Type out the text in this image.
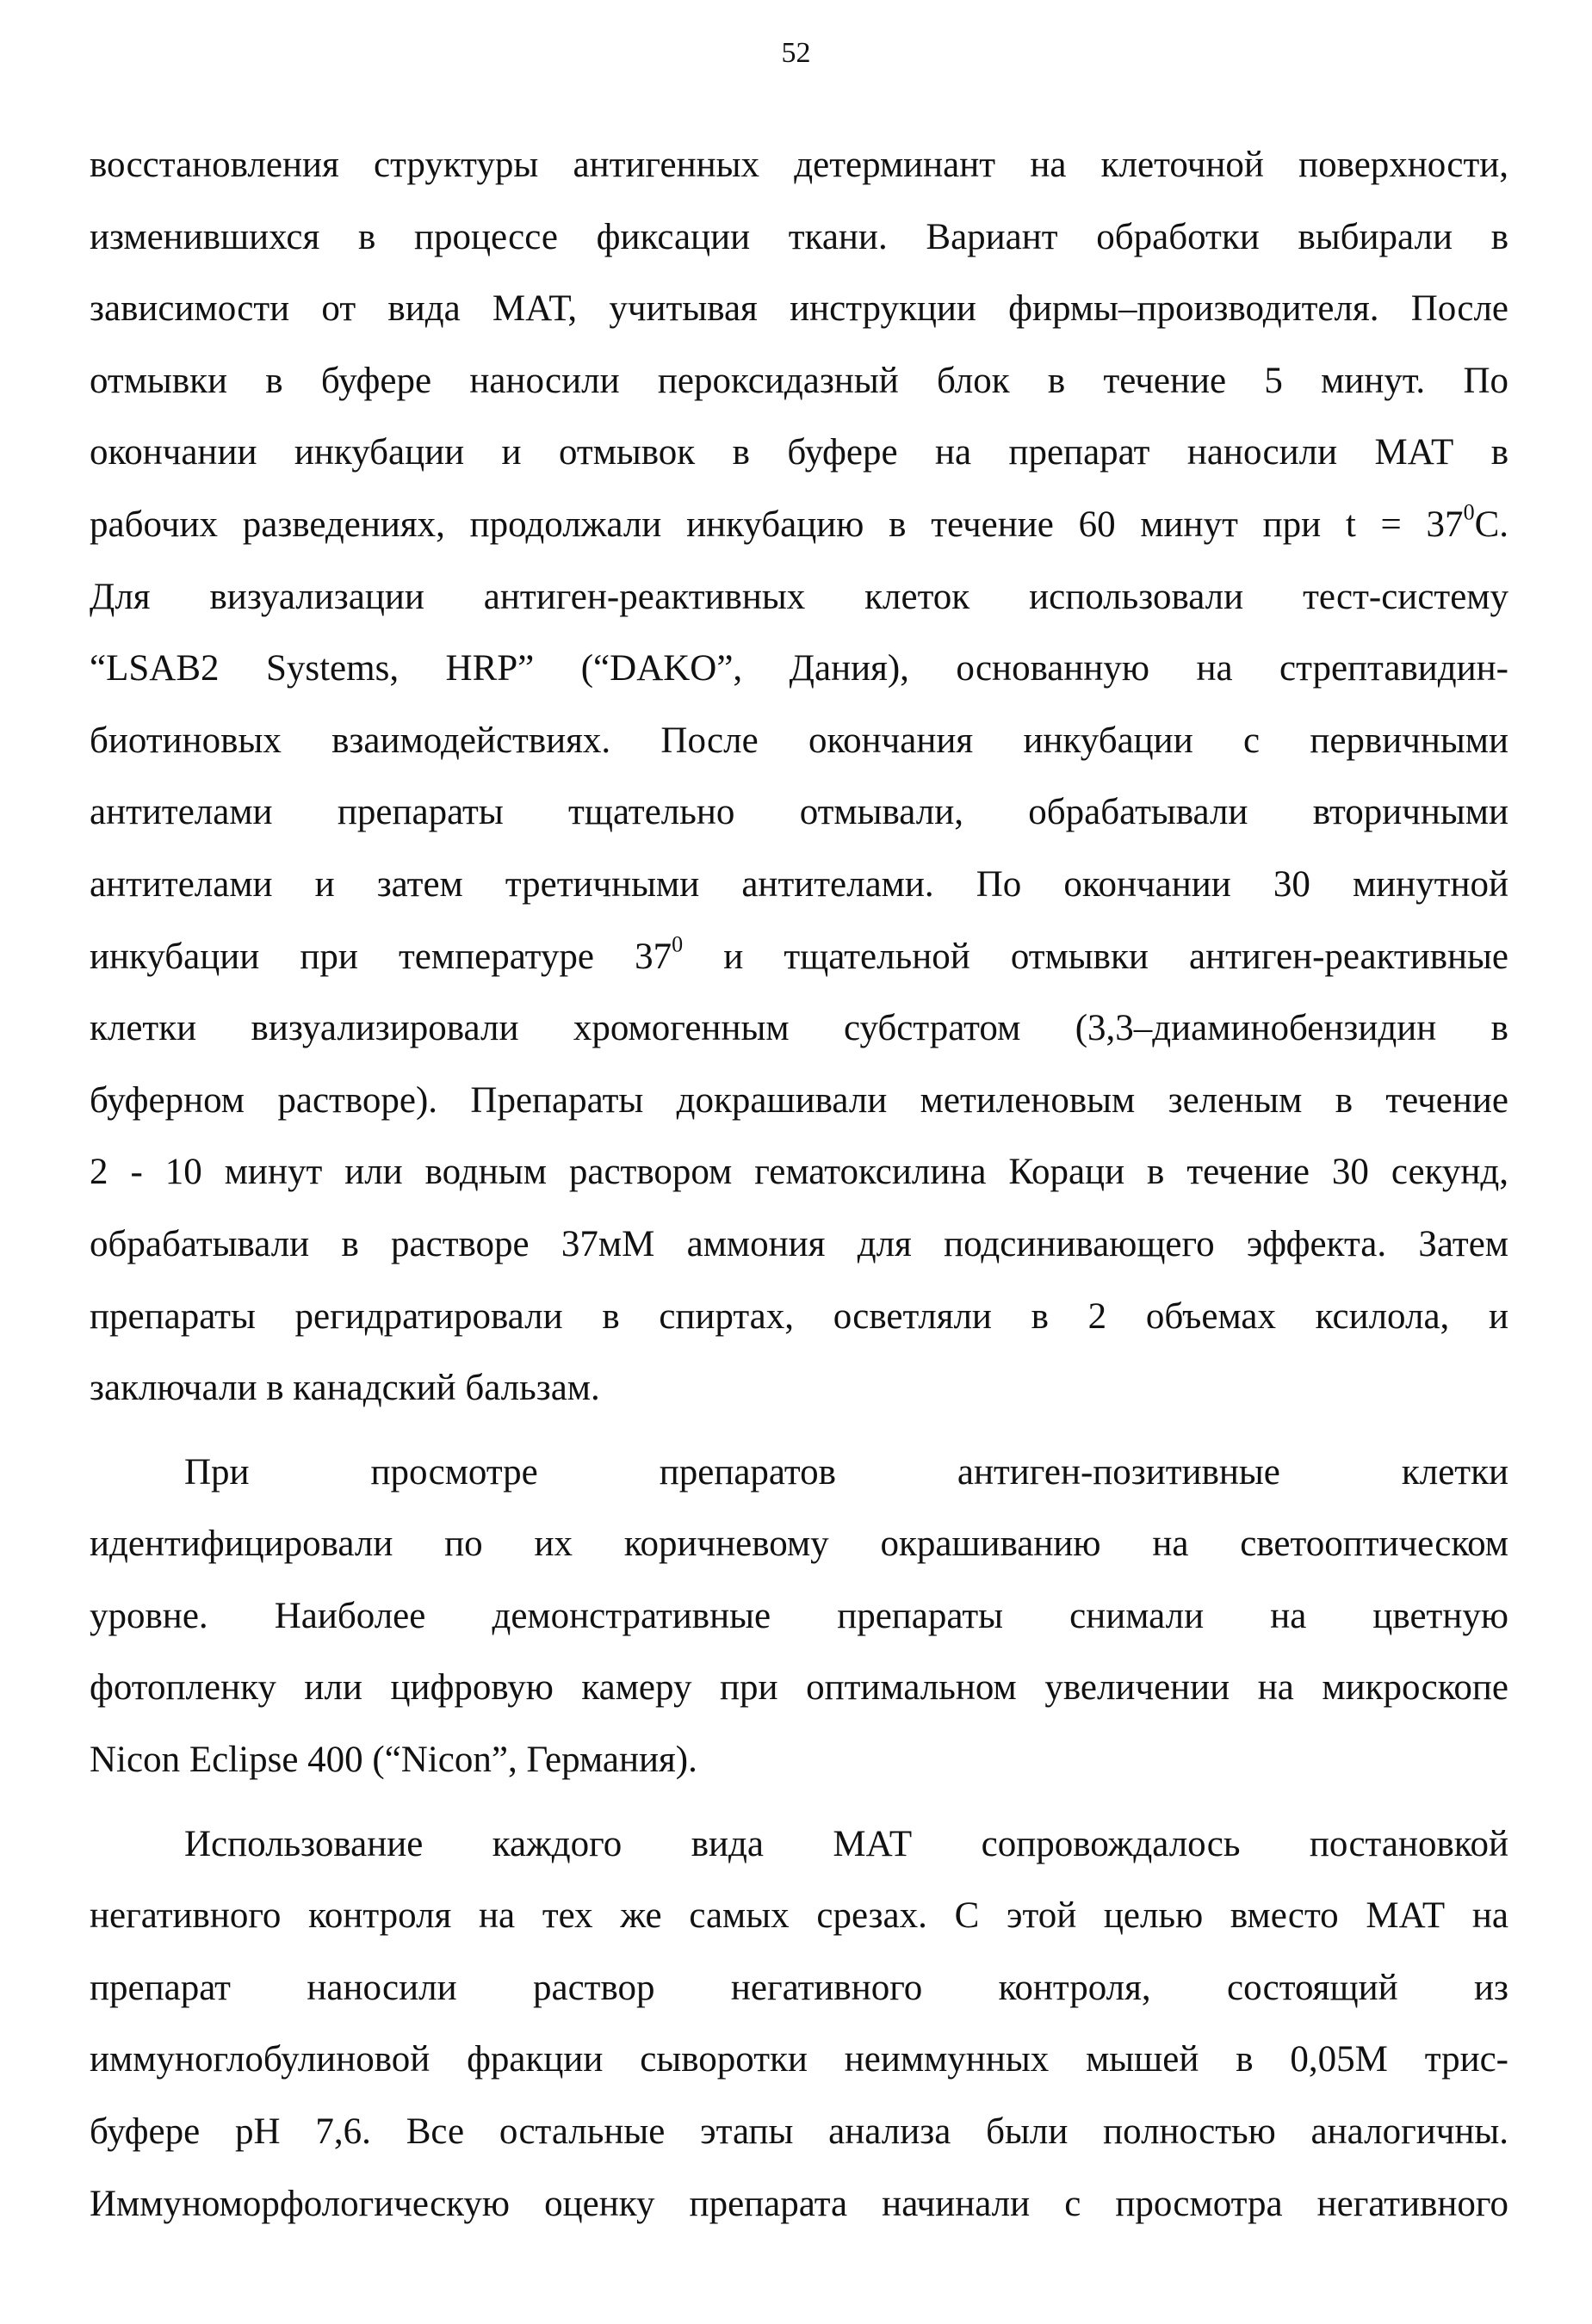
52
восстановления структуры антигенных детерминант на клеточной поверхности,
изменившихся в процессе фиксации ткани. Вариант обработки выбирали в
зависимости от вида МАТ, учитывая инструкции фирмы–производителя. После
отмывки в буфере наносили пероксидазный блок в течение 5 минут. По
окончании инкубации и отмывок в буфере на препарат наносили МАТ в
рабочих разведениях, продолжали инкубацию в течение 60 минут при $t = 37^0С$.
Для визуализации антиген-реактивных клеток использовали тест-систему
“LSAB2 Systems, HRP” (“DAKO”, Дания), основанную на стрептавидин-
биотиновых взаимодействиях. После окончания инкубации с первичными
антителами препараты тщательно отмывали, обрабатывали вторичными
антителами и затем третичными антителами. По окончании 30 минутной
инкубации при температуре $37^0$ и тщательной отмывки антиген-реактивные
клетки визуализировали хромогенным субстратом (3,3–диаминобензидин в
буферном растворе). Препараты докрашивали метиленовым зеленым в течение
2 - 10 минут или водным раствором гематоксилина Кораци в течение 30 секунд,
обрабатывали в растворе 37мМ аммония для подсинивающего эффекта. Затем
препараты регидратировали в спиртах, осветляли в 2 объемах ксилола, и
заключали в канадский бальзам.
При просмотре препаратов антиген-позитивные клетки
идентифицировали по их коричневому окрашиванию на светооптическом
уровне. Наиболее демонстративные препараты снимали на цветную
фотопленку или цифровую камеру при оптимальном увеличении на микроскопе
Nicon Eclipse 400 (“Nicon”, Германия).
Использование каждого вида МАТ сопровождалось постановкой
негативного контроля на тех же самых срезах. С этой целью вместо МАТ на
препарат наносили раствор негативного контроля, состоящий из
иммуноглобулиновой фракции сыворотки неиммунных мышей в 0,05М трис-
буфере pH 7,6. Все остальные этапы анализа были полностью аналогичны.
Иммуноморфологическую оценку препарата начинали с просмотра негативного
